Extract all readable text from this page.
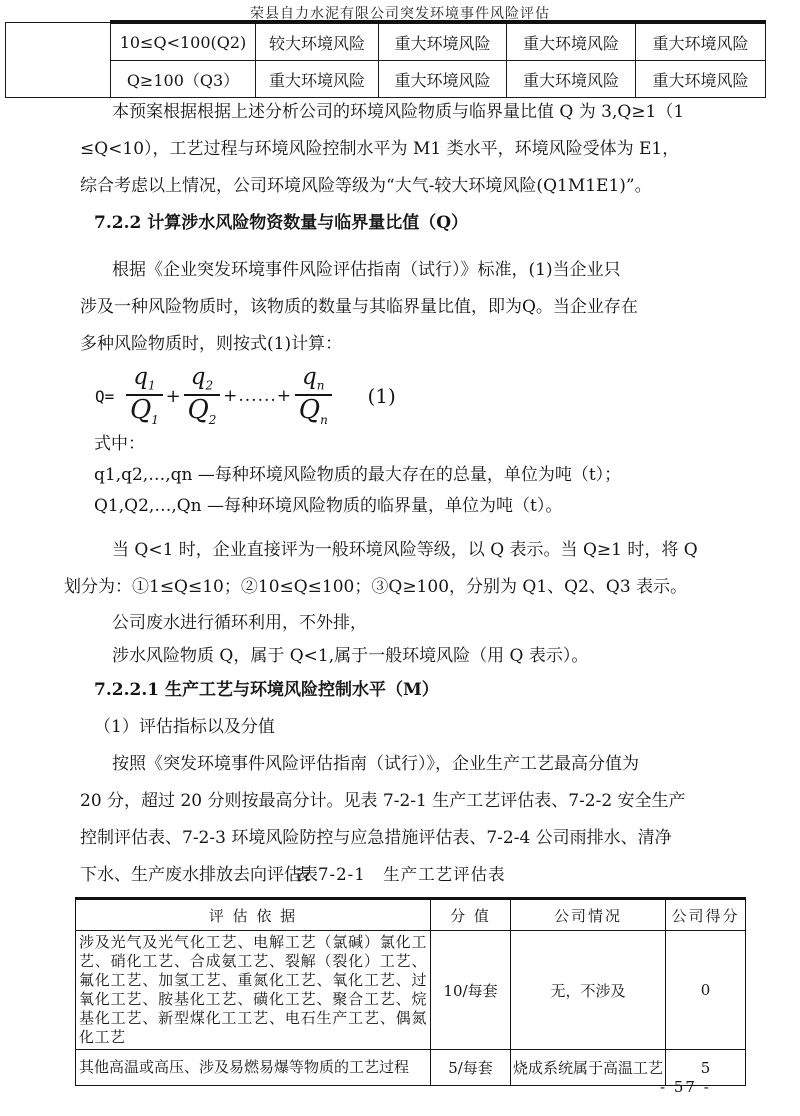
荣县自力水泥有限公司突发环境事件风险评估
	10≤Q<100(Q2)	较大环境风险	重大环境风险	重大环境风险	重大环境风险
	Q≥100（Q3）	重大环境风险	重大环境风险	重大环境风险	重大环境风险
本预案根据根据上述分析公司的环境风险物质与临界量比值 Q 为 3,Q≥1（1
≤Q<10），工艺过程与环境风险控制水平为 M1 类水平，环境风险受体为 E1，
综合考虑以上情况，公司环境风险等级为“大气-较大环境风险(Q1M1E1)”。
7.2.2 计算涉水风险物资数量与临界量比值（Q）
根据《企业突发环境事件风险评估指南（试行）》标准，(1)当企业只
涉及一种风险物质时，该物质的数量与其临界量比值，即为Q。当企业存在
多种风险物质时，则按式(1)计算：
$Q= \frac{q_1}{Q_1} + \frac{q_2}{Q_2}$ +......+ $\frac{q_n}{Q_n} (1)$
式中：
q1,q2,…,qn —每种环境风险物质的最大存在的总量，单位为吨（t）；
Q1,Q2,…,Qn —每种环境风险物质的临界量，单位为吨（t）。
当 Q<1 时，企业直接评为一般环境风险等级，以 Q 表示。当 Q≥1 时，将 Q
划分为：①1≤Q≤10；②10≤Q≤100；③Q≥100，分别为 Q1、Q2、Q3 表示。
公司废水进行循环利用，不外排，
涉水风险物质 Q，属于 Q<1,属于一般环境风险（用 Q 表示）。
7.2.2.1 生产工艺与环境风险控制水平（M）
（1）评估指标以及分值
按照《突发环境事件风险评估指南（试行）》，企业生产工艺最高分值为
20 分，超过 20 分则按最高分计。见表 7-2-1 生产工艺评估表、7-2-2 安全生产
控制评估表、7-2-3 环境风险防控与应急措施评估表、7-2-4 公司雨排水、清净
下水、生产废水排放去向评估表
表 7-2-1　生产工艺评估表
评 估 依 据	分 值	公司情况	公司得分
涉及光气及光气化工艺、电解工艺（氯碱）氯化工艺、硝化工艺、合成氨工艺、裂解（裂化）工艺、氟化工艺、加氢工艺、重氮化工艺、氧化工艺、过氧化工艺、胺基化工艺、磺化工艺、聚合工艺、烷基化工艺、新型煤化工工艺、电石生产工艺、偶氮化工艺	10/每套	无，不涉及	0
其他高温或高压、涉及易燃易爆等物质的工艺过程	5/每套	烧成系统属于高温工艺	5
- 57 -
